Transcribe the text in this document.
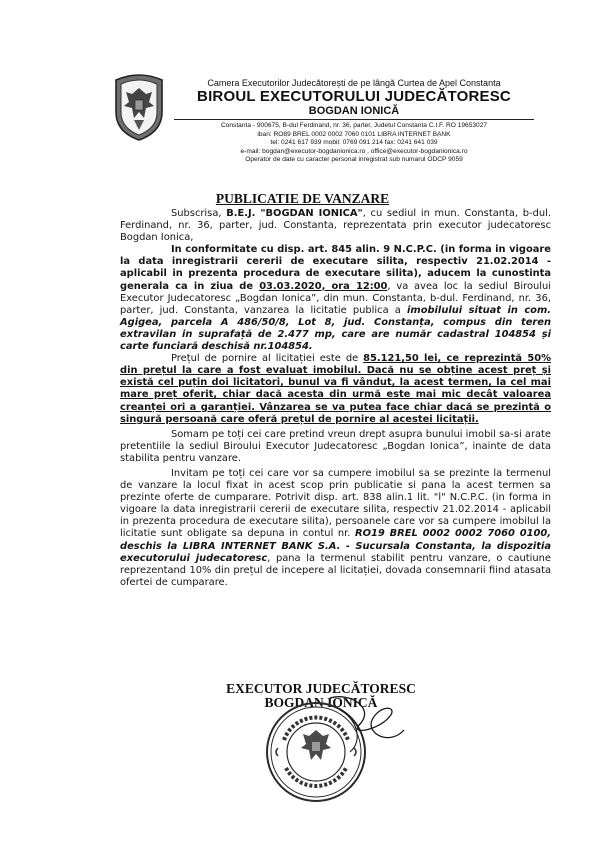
Camera Executorilor Judecătorești de pe lângă Curtea de Apel Constanta
BIROUL EXECUTORULUI JUDECĂTORESC
BOGDAN IONICĂ
Constanta - 900675, B-dul Ferdinand, nr. 36, parter, Judetul Constanta C.I.F. RO 19653027
iban: RO89 BREL 0002 0002 7060 0101 LIBRA INTERNET BANK
tel: 0241 617 939 mobil: 0769 091 214 fax: 0241 641 039
e-mail: bogdan@executor-bogdanionica.ro , office@executor-bogdanionica.ro
Operator de date cu caracter personal inregistrat sub numarul ODCP 9059
PUBLICATIE DE VANZARE

Subscrisa, B.E.J. "BOGDAN IONICA", cu sediul in mun. Constanta, b-dul. Ferdinand, nr. 36, parter, jud. Constanta, reprezentata prin executor judecatoresc Bogdan Ionica,

In conformitate cu disp. art. 845 alin. 9 N.C.P.C. (in forma in vigoare la data inregistrarii cererii de executare silita, respectiv 21.02.2014 - aplicabil in prezenta procedura de executare silita), aducem la cunostinta generala ca in ziua de 03.03.2020, ora 12:00, va avea loc la sediul Biroului Executor Judecatoresc „Bogdan Ionica”, din mun. Constanta, b-dul. Ferdinand, nr. 36, parter, jud. Constanta, vanzarea la licitatie publica a imobilului situat in com. Agigea, parcela A 486/50/8, Lot 8, jud. Constanța, compus din teren extravilan in suprafață de 2.477 mp, care are număr cadastral 104854 și carte funciară deschisă nr.104854.

Prețul de pornire al licitației este de 85.121,50 lei, ce reprezintă 50% din prețul la care a fost evaluat imobilul. Dacă nu se obține acest preț și există cel puțin doi licitatori, bunul va fi vândut, la acest termen, la cel mai mare preț oferit, chiar dacă acesta din urmă este mai mic decât valoarea creanței ori a garanției. Vânzarea se va putea face chiar dacă se prezintă o singură persoană care oferă prețul de pornire al acestei licitații.

Somam pe toți cei care pretind vreun drept asupra bunului imobil sa-si arate pretentiile la sediul Biroului Executor Judecatoresc „Bogdan Ionica”, inainte de data stabilita pentru vanzare.

Invitam pe toți cei care vor sa cumpere imobilul sa se prezinte la termenul de vanzare la locul fixat in acest scop prin publicatie si pana la acest termen sa prezinte oferte de cumparare. Potrivit disp. art. 838 alin.1 lit. "l" N.C.P.C. (in forma in vigoare la data inregistrarii cererii de executare silita, respectiv 21.02.2014 - aplicabil in prezenta procedura de executare silita), persoanele care vor sa cumpere imobilul la licitatie sunt obligate sa depuna in contul nr. RO19 BREL 0002 0002 7060 0100, deschis la LIBRA INTERNET BANK S.A. - Sucursala Constanta, la dispozitia executorului judecatoresc, pana la termenul stabilit pentru vanzare, o cautiune reprezentand 10% din prețul de incepere al licitației, dovada consemnarii fiind atasata ofertei de cumparare.

EXECUTOR JUDECĂTORESC
BOGDAN IONICĂ
